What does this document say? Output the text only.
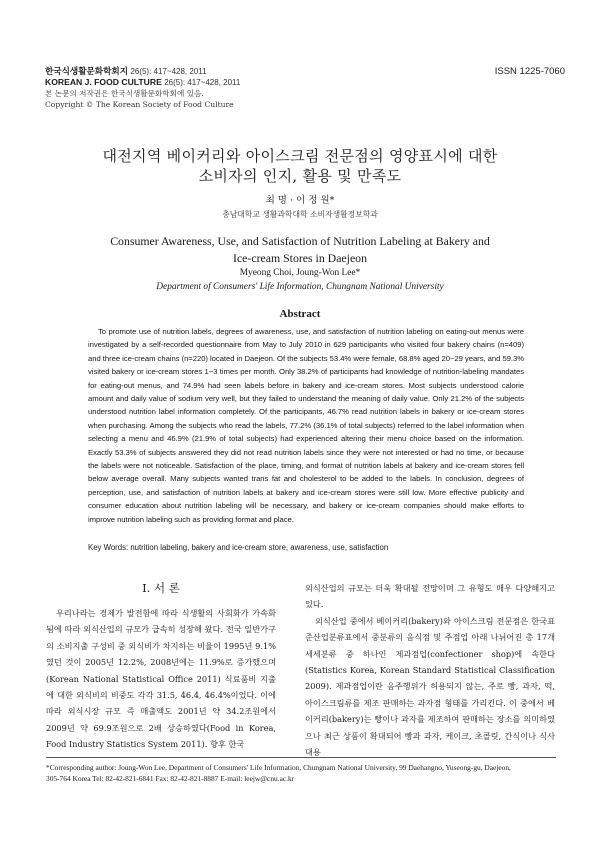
한국식생활문화학회지 26(5): 417~428, 2011
KOREAN J. FOOD CULTURE 26(5): 417~428, 2011
본 논문의 저작권은 한국식생활문화학회에 있음.
Copyright © The Korean Society of Food Culture
ISSN 1225-7060
대전지역 베이커리와 아이스크림 전문점의 영양표시에 대한
소비자의 인지, 활용 및 만족도
최 명 · 이 정 원*
충남대학교 생활과학대학 소비자생활정보학과
Consumer Awareness, Use, and Satisfaction of Nutrition Labeling at Bakery and
Ice-cream Stores in Daejeon
Myeong Choi, Joung-Won Lee*
Department of Consumers' Life Information, Chungnam National University
Abstract

To promote use of nutrition labels, degrees of awareness, use, and satisfaction of nutrition labeling on eating-out menus were investigated by a self-recorded questionnaire from May to July 2010 in 629 participants who visited four bakery chains (n=409) and three ice-cream chains (n=220) located in Daejeon. Of the subjects 53.4% were female, 68.8% aged 20~29 years, and 59.3% visited bakery or ice-cream stores 1~3 times per month. Only 38.2% of participants had knowledge of nutrition-labeling mandates for eating-out menus, and 74.9% had seen labels before in bakery and ice-cream stores. Most subjects understood calorie amount and daily value of sodium very well, but they failed to understand the meaning of daily value. Only 21.2% of the subjects understood nutrition label information completely. Of the participants, 46.7% read nutrition labels in bakery or ice-cream stores when purchasing. Among the subjects who read the labels, 77.2% (36.1% of total subjects) referred to the label information when selecting a menu and 46.9% (21.9% of total subjects) had experienced altering their menu choice based on the information. Exactly 53.3% of subjects answered they did not read nutrition labels since they were not interested or had no time, or because the labels were not noticeable. Satisfaction of the place, timing, and format of nutrition labels at bakery and ice-cream stores fell below average overall. Many subjects wanted trans fat and cholesterol to be added to the labels. In conclusion, degrees of perception, use, and satisfaction of nutrition labels at bakery and ice-cream stores were still low. More effective publicity and consumer education about nutrition labeling will be necessary, and bakery or ice-cream companies should make efforts to improve nutrition labeling such as providing format and place.

Key Words: nutrition labeling, bakery and ice-cream store, awareness, use, satisfaction
Ⅰ. 서 론

우리나라는 경제가 발전함에 따라 식생활의 사회화가 가속화됨에 따라 외식산업의 규모가 급속히 성장해 왔다. 전국 일반가구의 소비지출 구성비 중 외식비가 차지하는 비율이 1995년 9.1%였던 것이 2005년 12.2%, 2008년에는 11.9%로 증가했으며(Korean National Statistical Office 2011) 식료품비 지출에 대한 외식비의 비중도 각각 31.5, 46.4, 46.4%이었다. 이에 따라 외식시장 규모 즉 매출액도 2001년 약 34.2조원에서 2009년 약 69.9조원으로 2배 상승하였다(Food in Korea, Food Industry Statistics System 2011). 향후 한국

외식산업의 규모는 더욱 확대될 전망이며 그 유형도 매우 다양해지고 있다.

외식산업 중에서 베이커리(bakery)와 아이스크림 전문점은 한국표준산업분류표에서 중분류의 음식점 및 주점업 아래 나뉘어진 총 17개 세세분류 중 하나인 제과점업(confectioner shop)에 속한다(Statistics Korea, Korean Standard Statistical Classification 2009). 제과점업이란 음주행위가 허용되지 않는, 주로 빵, 과자, 떡, 아이스크림류를 제조 판매하는 과자점 형태를 가리킨다. 이 중에서 베이커리(bakery)는 빵이나 과자를 제조하여 판매하는 장소를 의미하였으나 최근 상품이 확대되어 빵과 과자, 케이크, 초콜릿, 간식이나 식사대용

*Corresponding author: Joung-Won Lee, Department of Consumers' Life Information, Chungnam National University, 99 Daehangno, Yuseong-gu, Daejeon,
305-764 Korea Tel: 82-42-821-6841 Fax: 82-42-821-8887 E-mail: leejw@cnu.ac.kr
